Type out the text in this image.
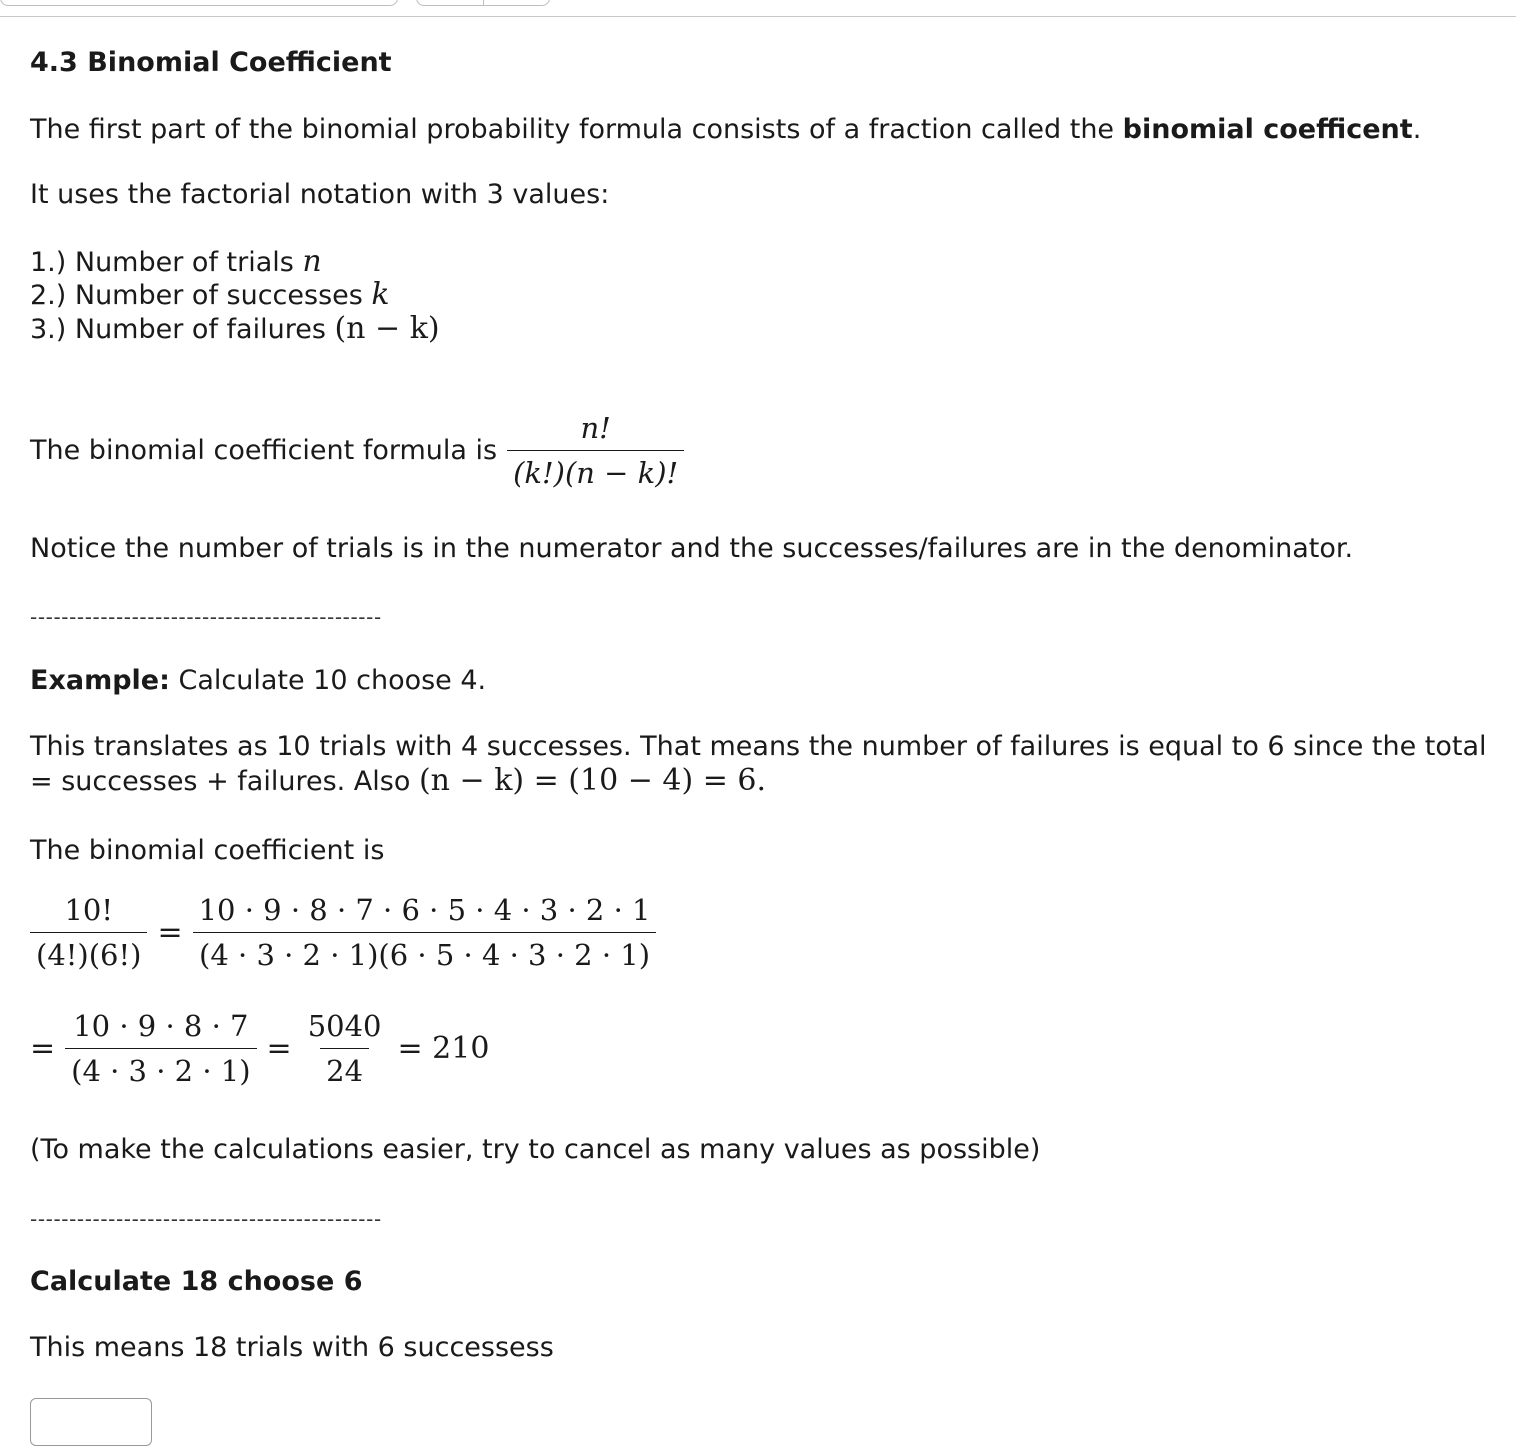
4.3 Binomial Coefficient
The first part of the binomial probability formula consists of a fraction called the binomial coefficent.
It uses the factorial notation with 3 values:
1.) Number of trials n
2.) Number of successes k
3.) Number of failures (n − k)
The binomial coefficient formula is $\frac{n!}{(k!)(n - k)!}$
Notice the number of trials is in the numerator and the successes/failures are in the denominator.
---------------------------------------------
Example: Calculate 10 choose 4.
This translates as 10 trials with 4 successes. That means the number of failures is equal to 6 since the total
= successes + failures. Also (n − k) = (10 − 4) = 6.
The binomial coefficient is
$\frac{10!}{(4!)(6!)} = \frac{10 \cdot 9 \cdot 8 \cdot 7 \cdot 6 \cdot 5 \cdot 4 \cdot 3 \cdot 2 \cdot 1}{(4 \cdot 3 \cdot 2 \cdot 1)(6 \cdot 5 \cdot 4 \cdot 3 \cdot 2 \cdot 1)}$
= $\frac{10 \cdot 9 \cdot 8 \cdot 7}{(4 \cdot 3 \cdot 2 \cdot 1)} = \frac{5040}{24} = 210$
(To make the calculations easier, try to cancel as many values as possible)
---------------------------------------------
Calculate 18 choose 6
This means 18 trials with 6 successess
